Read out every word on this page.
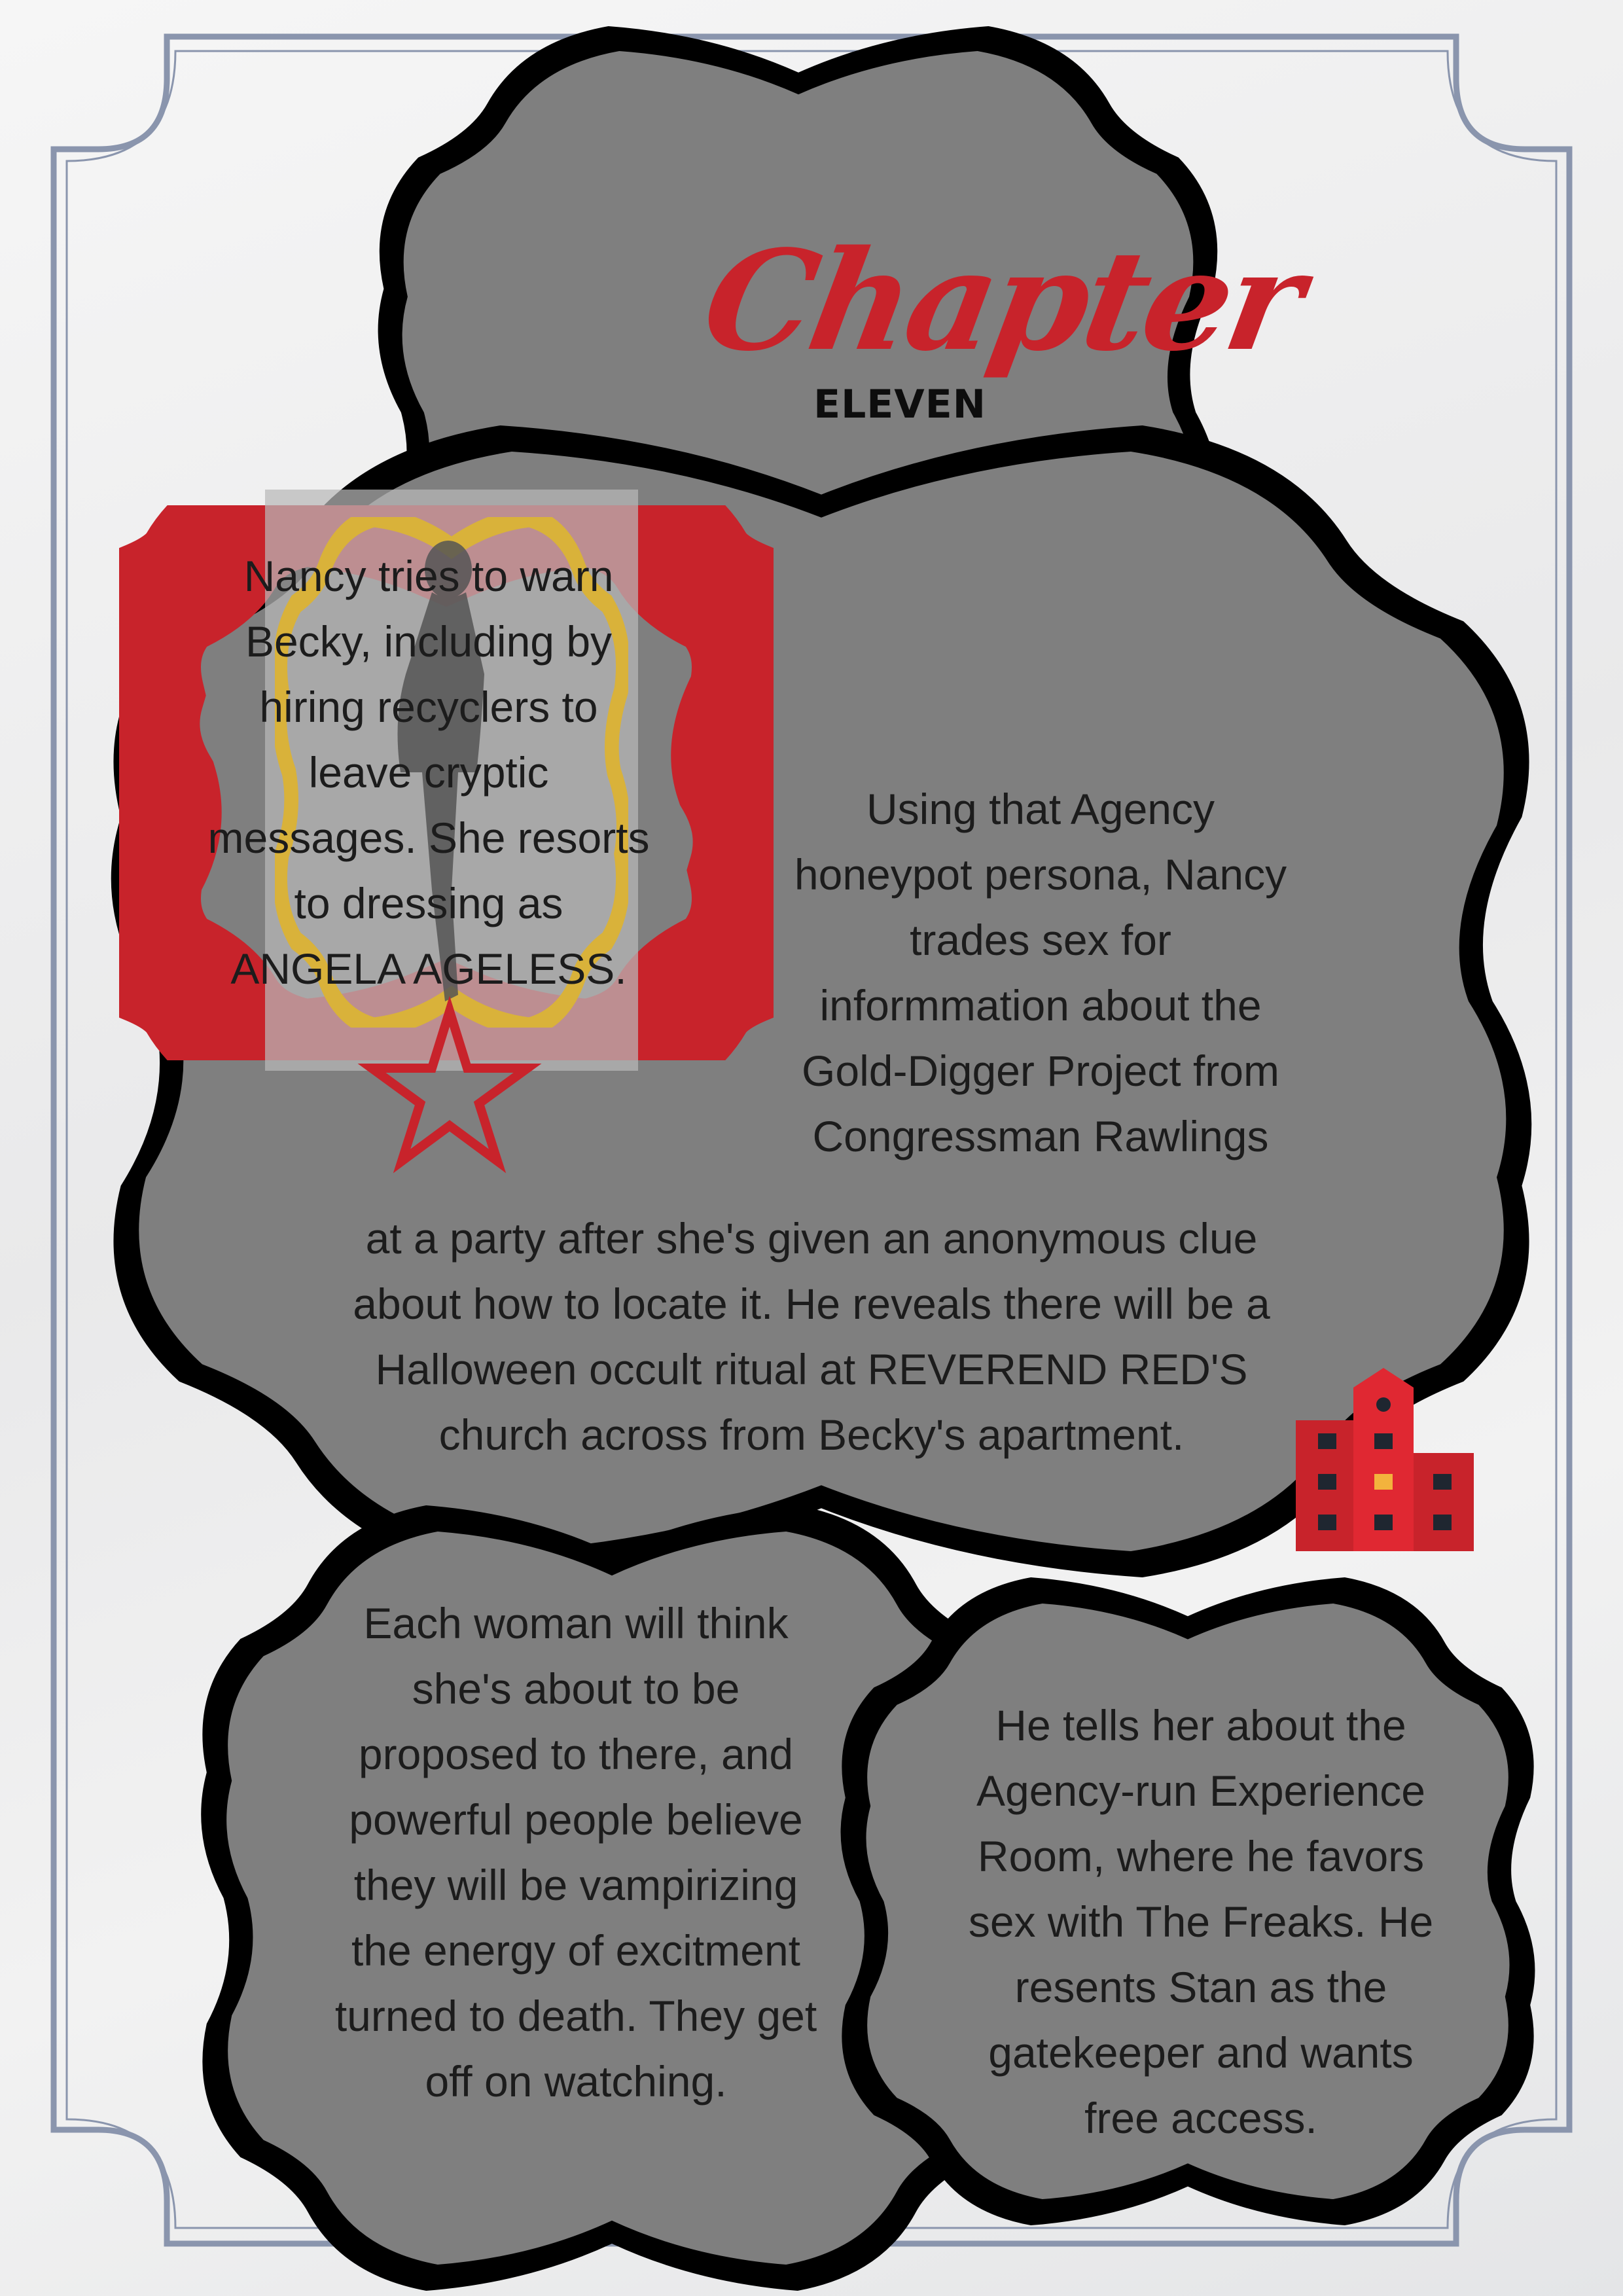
Chapter
ELEVEN

Nancy tries to warn
Becky, including by
hiring recyclers to
leave cryptic
messages. She resorts
to dressing as
ANGELA AGELESS.

Using that Agency
honeypot persona, Nancy
trades sex for
informmation about the
Gold-Digger Project from
Congressman Rawlings

at a party after she's given an anonymous clue
about how to locate it. He reveals there will be a
Halloween occult ritual at REVEREND RED'S
church across from Becky's apartment.

Each woman will think
she's about to be
proposed to there, and
powerful people believe
they will be vampirizing
the energy of excitment
turned to death. They get
off on watching.

He tells her about the
Agency-run Experience
Room, where he favors
sex with The Freaks. He
resents Stan as the
gatekeeper and wants
free access.
